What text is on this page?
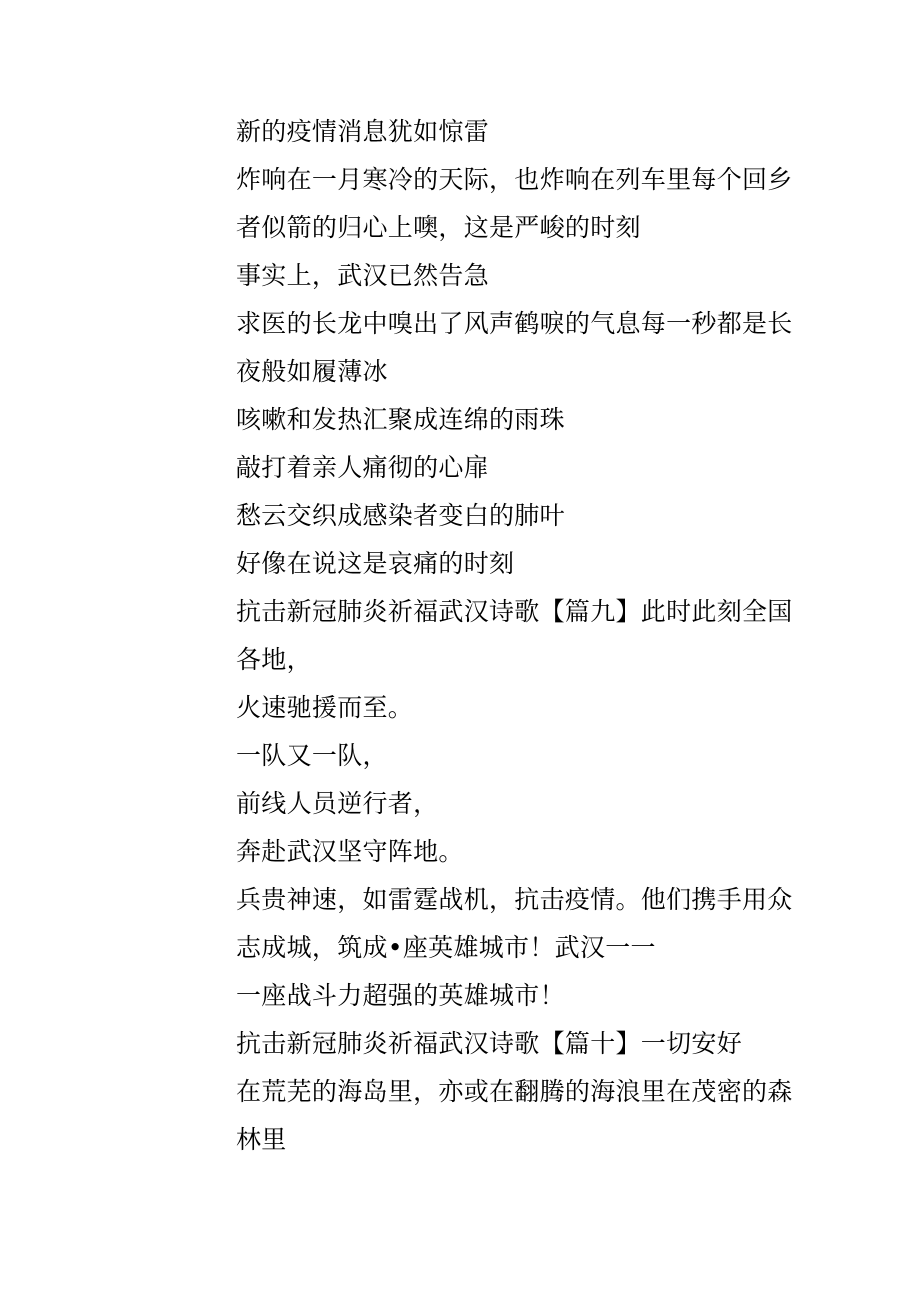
新的疫情消息犹如惊雷
炸响在一月寒冷的天际，也炸响在列车里每个回乡
者似箭的归心上噢，这是严峻的时刻
事实上，武汉已然告急
求医的长龙中嗅出了风声鹤唳的气息每一秒都是长
夜般如履薄冰
咳嗽和发热汇聚成连绵的雨珠
敲打着亲人痛彻的心扉
愁云交织成感染者变白的肺叶
好像在说这是哀痛的时刻
抗击新冠肺炎祈福武汉诗歌【篇九】此时此刻全国
各地，
火速驰援而至。
一队又一队，
前线人员逆行者，
奔赴武汉坚守阵地。
兵贵神速，如雷霆战机，抗击疫情。他们携手用众
志成城，筑成•座英雄城市！武汉一一
一座战斗力超强的英雄城市！
抗击新冠肺炎祈福武汉诗歌【篇十】一切安好
在荒芜的海岛里，亦或在翻腾的海浪里在茂密的森
林里
